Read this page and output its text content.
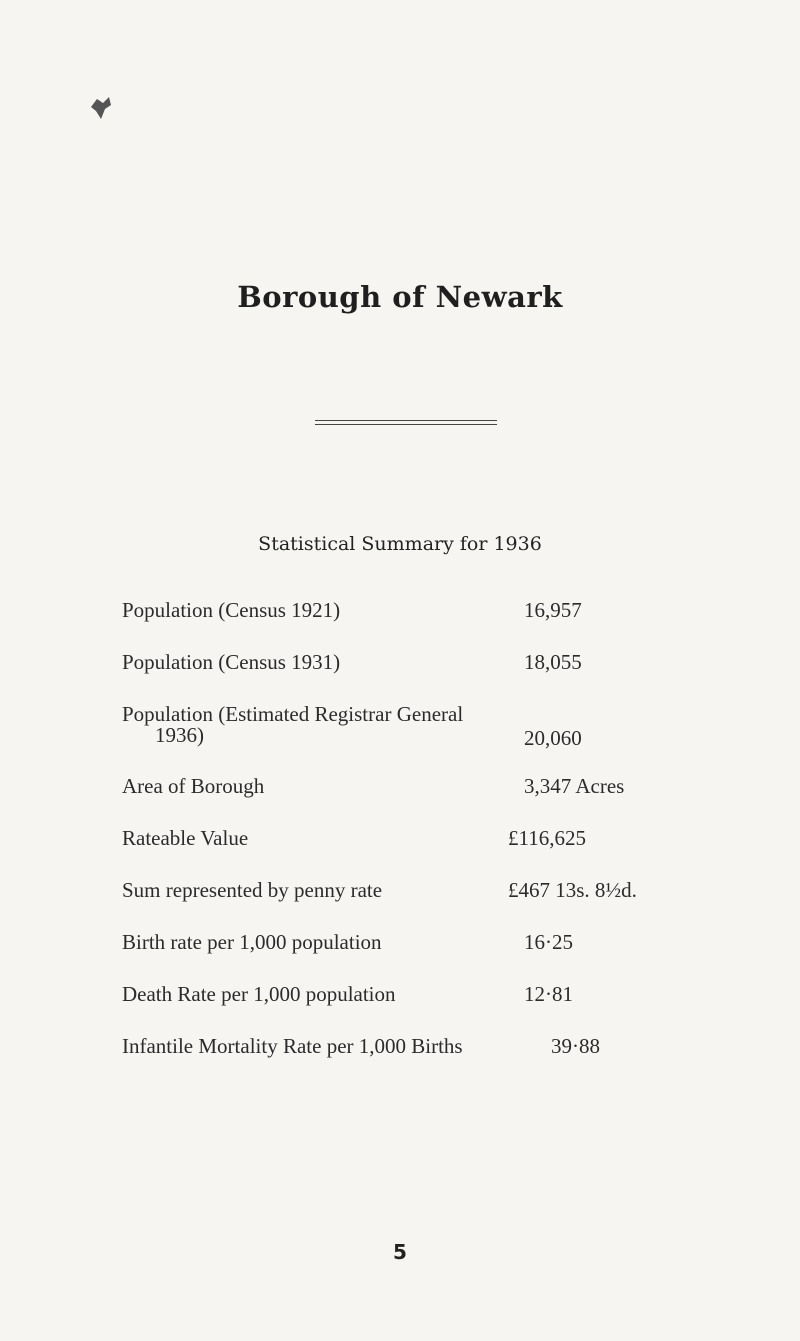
Borough of Newark
Statistical Summary for 1936
Population (Census 1921)	16,957
Population (Census 1931)	18,055
Population (Estimated Registrar General
1936)	20,060
Area of Borough	3,347 Acres
Rateable Value	£116,625
Sum represented by penny rate	£467 13s. 8½d.
Birth rate per 1,000 population	16·25
Death Rate per 1,000 population	12·81
Infantile Mortality Rate per 1,000 Births	39·88
5
